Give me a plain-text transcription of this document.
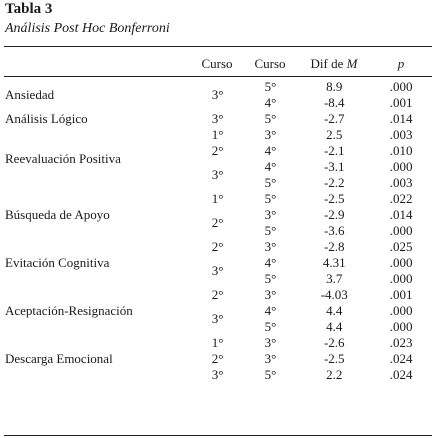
Tabla 3
Análisis Post Hoc Bonferroni
Curso	Curso	Dif de M	p
Ansiedad	3°	5°	8.9	.000
		4°	-8.4	.001
Análisis Lógico	3°	5°	-2.7	.014
Reevaluación Positiva	1°	3°	2.5	.003
	2°	4°	-2.1	.010
	3°	4°	-3.1	.000
		5°	-2.2	.003
Búsqueda de Apoyo	1°	5°	-2.5	.022
	2°	3°	-2.9	.014
		5°	-3.6	.000
Evitación Cognitiva	2°	3°	-2.8	.025
	3°	4°	4.31	.000
		5°	3.7	.000
Aceptación-Resignación	2°	3°	-4.03	.001
	3°	4°	4.4	.000
		5°	4.4	.000
Descarga Emocional	1°	3°	-2.6	.023
	2°	3°	-2.5	.024
	3°	5°	2.2	.024
